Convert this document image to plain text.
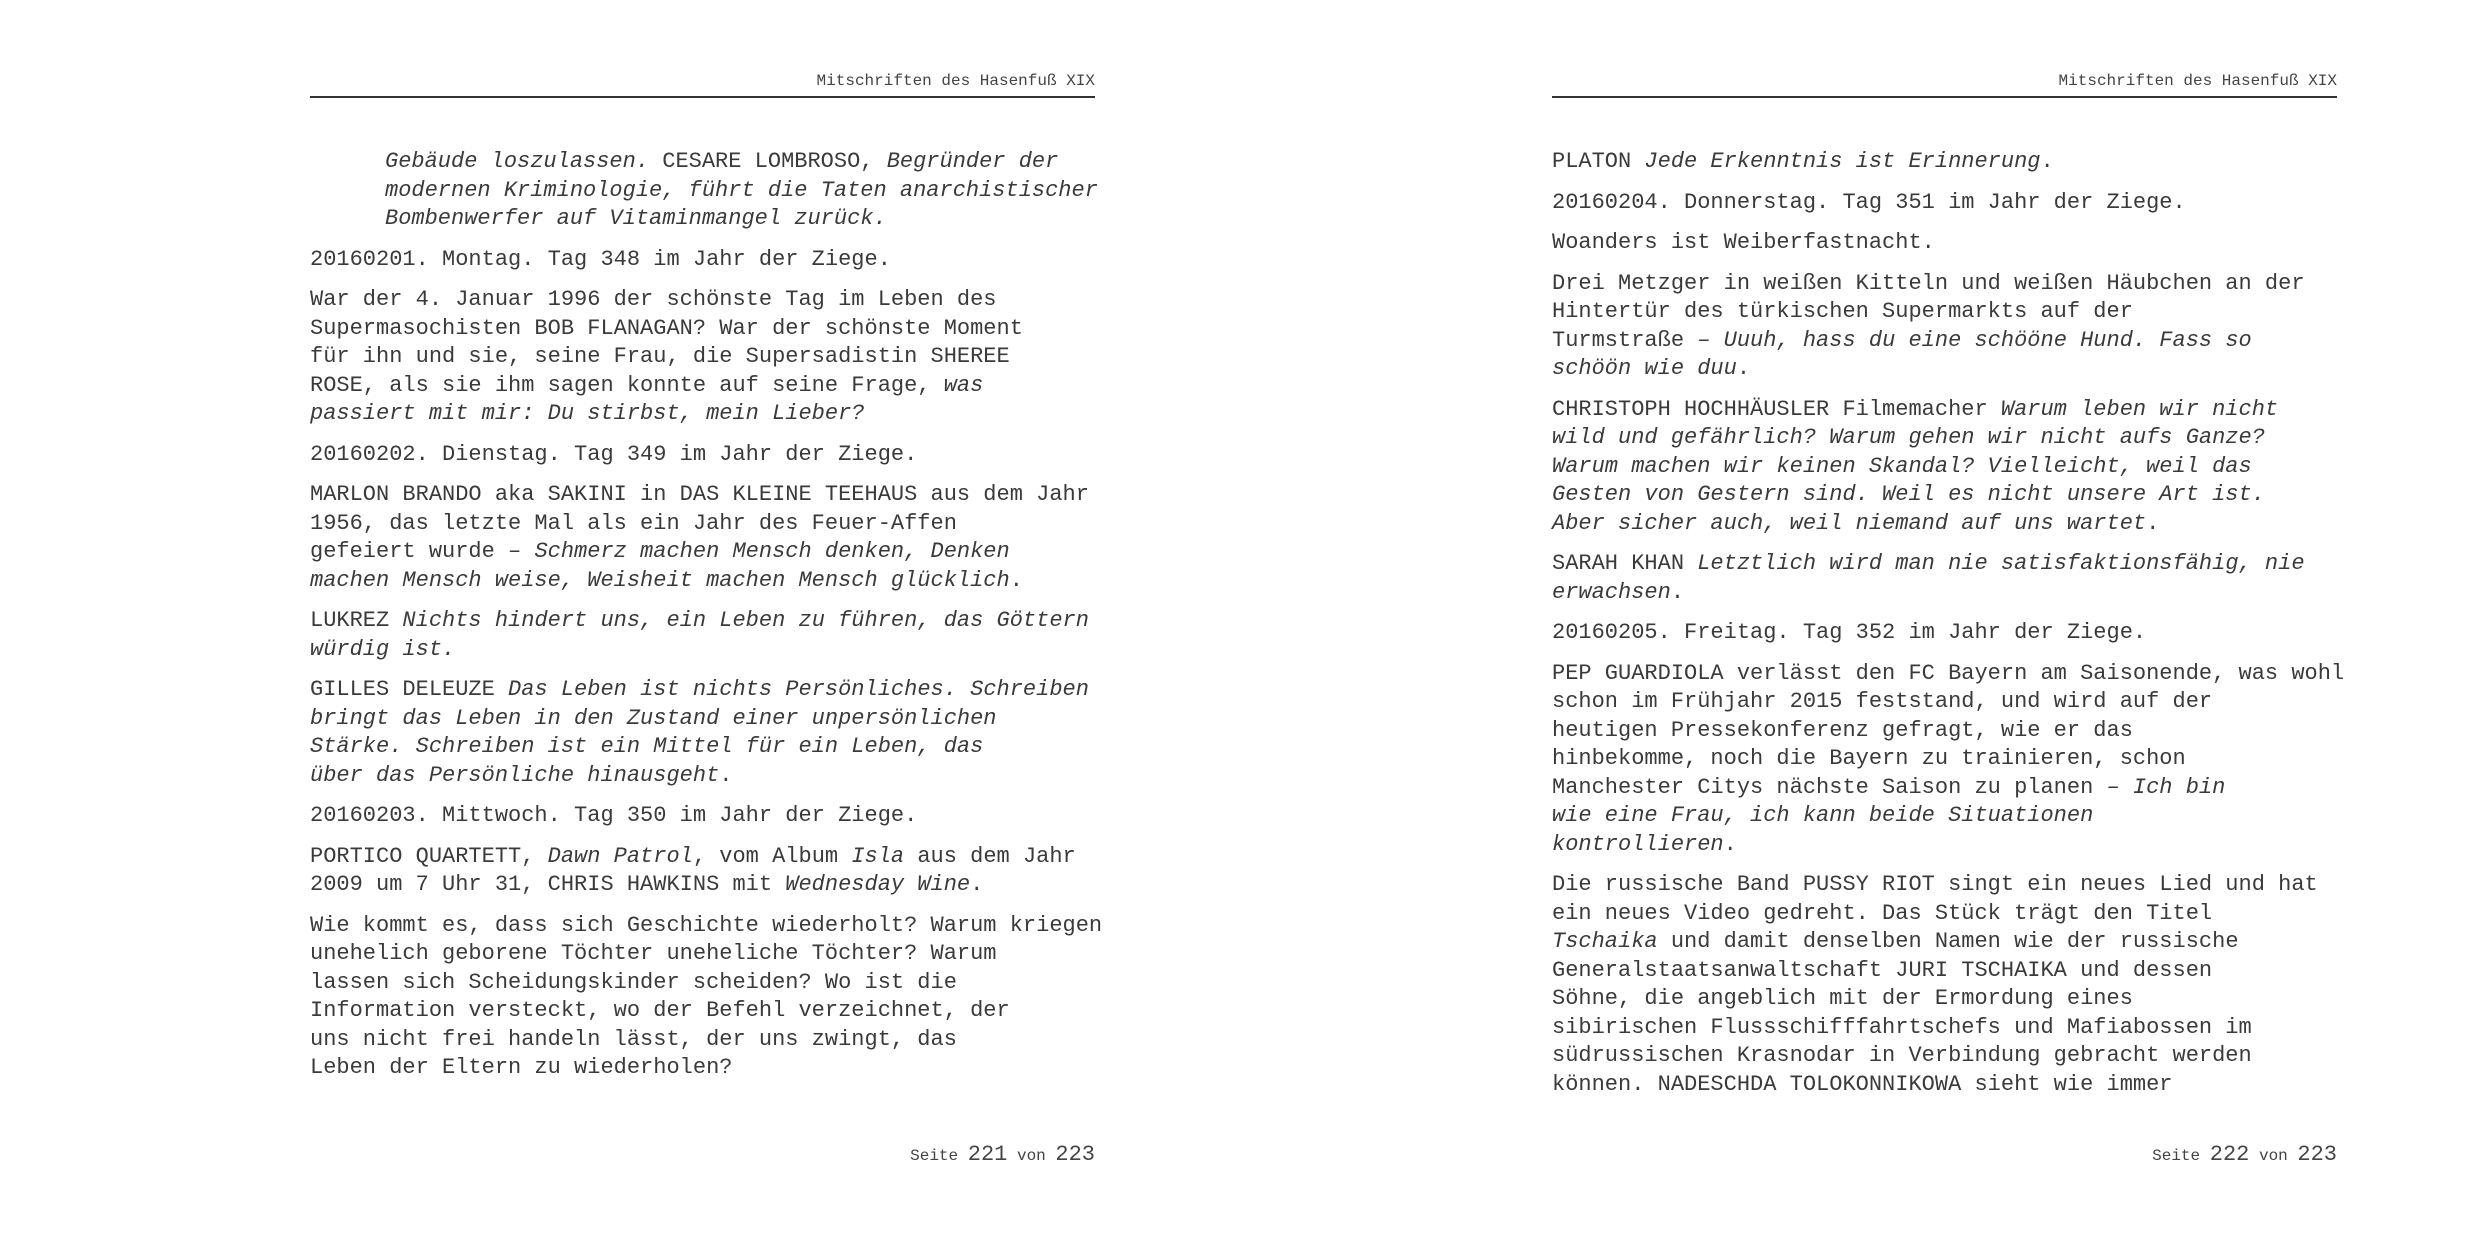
Mitschriften des Hasenfuß XIX
Gebäude loszulassen. CESARE LOMBROSO, Begründer der
modernen Kriminologie, führt die Taten anarchistischer
Bombenwerfer auf Vitaminmangel zurück.
20160201. Montag. Tag 348 im Jahr der Ziege.
War der 4. Januar 1996 der schönste Tag im Leben des
Supermasochisten BOB FLANAGAN? War der schönste Moment
für ihn und sie, seine Frau, die Supersadistin SHEREE
ROSE, als sie ihm sagen konnte auf seine Frage, was
passiert mit mir: Du stirbst, mein Lieber?
20160202. Dienstag. Tag 349 im Jahr der Ziege.
MARLON BRANDO aka SAKINI in DAS KLEINE TEEHAUS aus dem Jahr
1956, das letzte Mal als ein Jahr des Feuer-Affen
gefeiert wurde – Schmerz machen Mensch denken, Denken
machen Mensch weise, Weisheit machen Mensch glücklich.
LUKREZ Nichts hindert uns, ein Leben zu führen, das Göttern
würdig ist.
GILLES DELEUZE Das Leben ist nichts Persönliches. Schreiben
bringt das Leben in den Zustand einer unpersönlichen
Stärke. Schreiben ist ein Mittel für ein Leben, das
über das Persönliche hinausgeht.
20160203. Mittwoch. Tag 350 im Jahr der Ziege.
PORTICO QUARTETT, Dawn Patrol, vom Album Isla aus dem Jahr
2009 um 7 Uhr 31, CHRIS HAWKINS mit Wednesday Wine.
Wie kommt es, dass sich Geschichte wiederholt? Warum kriegen
unehelich geborene Töchter uneheliche Töchter? Warum
lassen sich Scheidungskinder scheiden? Wo ist die
Information versteckt, wo der Befehl verzeichnet, der
uns nicht frei handeln lässt, der uns zwingt, das
Leben der Eltern zu wiederholen?
Seite 221 von 223
Mitschriften des Hasenfuß XIX
PLATON Jede Erkenntnis ist Erinnerung.
20160204. Donnerstag. Tag 351 im Jahr der Ziege.
Woanders ist Weiberfastnacht.
Drei Metzger in weißen Kitteln und weißen Häubchen an der
Hintertür des türkischen Supermarkts auf der
Turmstraße – Uuuh, hass du eine schööne Hund. Fass so
schöön wie duu.
CHRISTOPH HOCHHÄUSLER Filmemacher Warum leben wir nicht
wild und gefährlich? Warum gehen wir nicht aufs Ganze?
Warum machen wir keinen Skandal? Vielleicht, weil das
Gesten von Gestern sind. Weil es nicht unsere Art ist.
Aber sicher auch, weil niemand auf uns wartet.
SARAH KHAN Letztlich wird man nie satisfaktionsfähig, nie
erwachsen.
20160205. Freitag. Tag 352 im Jahr der Ziege.
PEP GUARDIOLA verlässt den FC Bayern am Saisonende, was wohl
schon im Frühjahr 2015 feststand, und wird auf der
heutigen Pressekonferenz gefragt, wie er das
hinbekomme, noch die Bayern zu trainieren, schon
Manchester Citys nächste Saison zu planen – Ich bin
wie eine Frau, ich kann beide Situationen
kontrollieren.
Die russische Band PUSSY RIOT singt ein neues Lied und hat
ein neues Video gedreht. Das Stück trägt den Titel
Tschaika und damit denselben Namen wie der russische
Generalstaatsanwaltschaft JURI TSCHAIKA und dessen
Söhne, die angeblich mit der Ermordung eines
sibirischen Flussschifffahrtschefs und Mafiabossen im
südrussischen Krasnodar in Verbindung gebracht werden
können. NADESCHDA TOLOKONNIKOWA sieht wie immer
Seite 222 von 223
